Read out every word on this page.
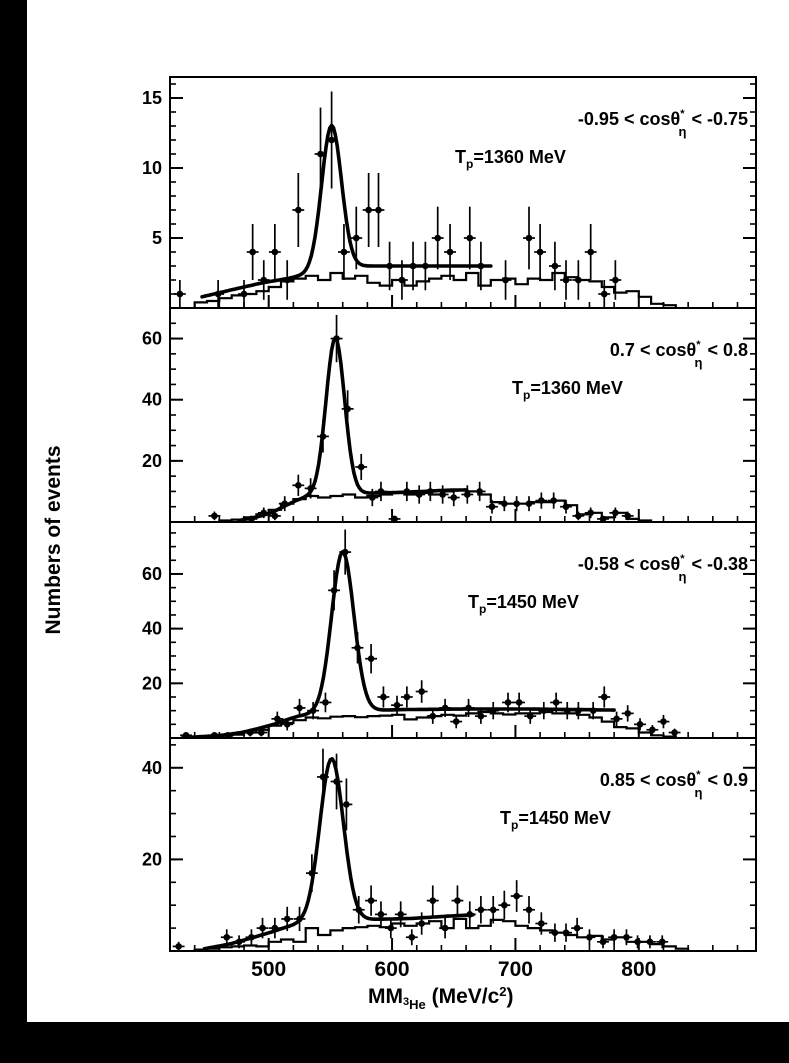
Numbers of events
MM3He $(MeV/c^2)$
5
10
15
-0.95 < cosθ* η < -0.75
$T_p=1360$ MeV
20
40
60
0.7 < cosθ* η < 0.8
$T_p=1360$ MeV
20
40
60	-0.58 < cosθ* η < -0.38
$T_p=1450$ MeV
20
40
0.85 < cosθ* η < 0.9
$T_p=1450$ MeV
500	600	700	800
